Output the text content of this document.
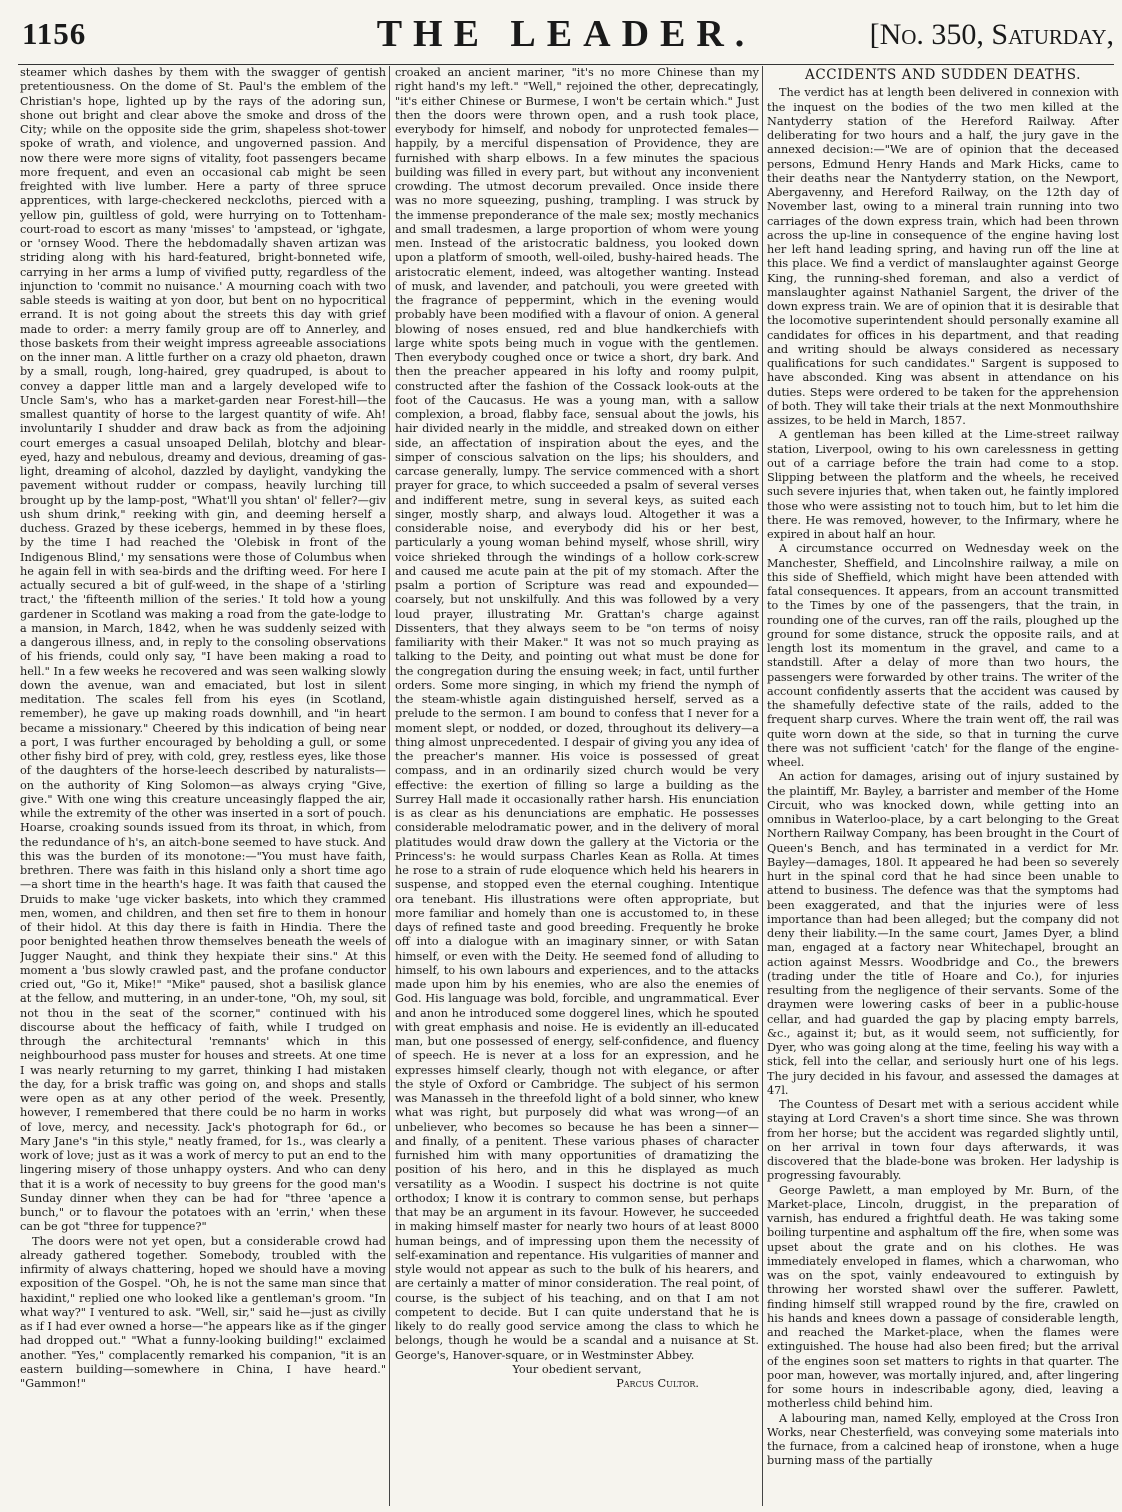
1156	THE LEADER.	[No. 350, Saturday,

steamer which dashes by them with the swagger of gentish pretentiousness. On the dome of St. Paul's the emblem of the Christian's hope, lighted up by the rays of the adoring sun, shone out bright and clear above the smoke and dross of the City; while on the opposite side the grim, shapeless shot-tower spoke of wrath, and violence, and ungoverned passion. And now there were more signs of vitality, foot passengers became more frequent, and even an occasional cab might be seen freighted with live lumber. Here a party of three spruce apprentices, with large-checkered neckcloths, pierced with a yellow pin, guiltless of gold, were hurrying on to Tottenham-court-road to escort as many 'misses' to 'ampstead, or 'ighgate, or 'ornsey Wood. There the hebdomadally shaven artizan was striding along with his hard-featured, bright-bonneted wife, carrying in her arms a lump of vivified putty, regardless of the injunction to 'commit no nuisance.' A mourning coach with two sable steeds is waiting at yon door, but bent on no hypocritical errand. It is not going about the streets this day with grief made to order: a merry family group are off to Annerley, and those baskets from their weight impress agreeable associations on the inner man. A little further on a crazy old phaeton, drawn by a small, rough, long-haired, grey quadruped, is about to convey a dapper little man and a largely developed wife to Uncle Sam's, who has a market-garden near Forest-hill—the smallest quantity of horse to the largest quantity of wife. Ah! involuntarily I shudder and draw back as from the adjoining court emerges a casual unsoaped Delilah, blotchy and blear-eyed, hazy and nebulous, dreamy and devious, dreaming of gas-light, dreaming of alcohol, dazzled by daylight, vandyking the pavement without rudder or compass, heavily lurching till brought up by the lamp-post, "What'll you shtan' ol' feller?—giv ush shum drink," reeking with gin, and deeming herself a duchess. Grazed by these icebergs, hemmed in by these floes, by the time I had reached the 'Olebisk in front of the Indigenous Blind,' my sensations were those of Columbus when he again fell in with sea-birds and the drifting weed. For here I actually secured a bit of gulf-weed, in the shape of a 'stirling tract,' the 'fifteenth million of the series.' It told how a young gardener in Scotland was making a road from the gate-lodge to a mansion, in March, 1842, when he was suddenly seized with a dangerous illness, and, in reply to the consoling observations of his friends, could only say, "I have been making a road to hell." In a few weeks he recovered and was seen walking slowly down the avenue, wan and emaciated, but lost in silent meditation. The scales fell from his eyes (in Scotland, remember), he gave up making roads downhill, and "in heart became a missionary." Cheered by this indication of being near a port, I was further encouraged by beholding a gull, or some other fishy bird of prey, with cold, grey, restless eyes, like those of the daughters of the horse-leech described by naturalists—on the authority of King Solomon—as always crying "Give, give." With one wing this creature unceasingly flapped the air, while the extremity of the other was inserted in a sort of pouch. Hoarse, croaking sounds issued from its throat, in which, from the redundance of h's, an aitch-bone seemed to have stuck. And this was the burden of its monotone:—"You must have faith, brethren. There was faith in this hisland only a short time ago—a short time in the hearth's hage. It was faith that caused the Druids to make 'uge vicker baskets, into which they crammed men, women, and children, and then set fire to them in honour of their hidol. At this day there is faith in Hindia. There the poor benighted heathen throw themselves beneath the weels of Jugger Naught, and think they hexpiate their sins." At this moment a 'bus slowly crawled past, and the profane conductor cried out, "Go it, Mike!" "Mike" paused, shot a basilisk glance at the fellow, and muttering, in an under-tone, "Oh, my soul, sit not thou in the seat of the scorner," continued with his discourse about the hefficacy of faith, while I trudged on through the architectural 'remnants' which in this neighbourhood pass muster for houses and streets. At one time I was nearly returning to my garret, thinking I had mistaken the day, for a brisk traffic was going on, and shops and stalls were open as at any other period of the week. Presently, however, I remembered that there could be no harm in works of love, mercy, and necessity. Jack's photograph for 6d., or Mary Jane's "in this style," neatly framed, for 1s., was clearly a work of love; just as it was a work of mercy to put an end to the lingering misery of those unhappy oysters. And who can deny that it is a work of necessity to buy greens for the good man's Sunday dinner when they can be had for "three 'apence a bunch," or to flavour the potatoes with an 'errin,' when these can be got "three for tuppence?"

The doors were not yet open, but a considerable crowd had already gathered together. Somebody, troubled with the infirmity of always chattering, hoped we should have a moving exposition of the Gospel. "Oh, he is not the same man since that haxidint," replied one who looked like a gentleman's groom. "In what way?" I ventured to ask. "Well, sir," said he—just as civilly as if I had ever owned a horse—"he appears like as if the ginger had dropped out." "What a funny-looking building!" exclaimed another. "Yes," complacently remarked his companion, "it is an eastern building—somewhere in China, I have heard." "Gammon!"

croaked an ancient mariner, "it's no more Chinese than my right hand's my left." "Well," rejoined the other, deprecatingly, "it's either Chinese or Burmese, I won't be certain which." Just then the doors were thrown open, and a rush took place, everybody for himself, and nobody for unprotected females—happily, by a merciful dispensation of Providence, they are furnished with sharp elbows. In a few minutes the spacious building was filled in every part, but without any inconvenient crowding. The utmost decorum prevailed. Once inside there was no more squeezing, pushing, trampling. I was struck by the immense preponderance of the male sex; mostly mechanics and small tradesmen, a large proportion of whom were young men. Instead of the aristocratic baldness, you looked down upon a platform of smooth, well-oiled, bushy-haired heads. The aristocratic element, indeed, was altogether wanting. Instead of musk, and lavender, and patchouli, you were greeted with the fragrance of peppermint, which in the evening would probably have been modified with a flavour of onion. A general blowing of noses ensued, red and blue handkerchiefs with large white spots being much in vogue with the gentlemen. Then everybody coughed once or twice a short, dry bark. And then the preacher appeared in his lofty and roomy pulpit, constructed after the fashion of the Cossack look-outs at the foot of the Caucasus. He was a young man, with a sallow complexion, a broad, flabby face, sensual about the jowls, his hair divided nearly in the middle, and streaked down on either side, an affectation of inspiration about the eyes, and the simper of conscious salvation on the lips; his shoulders, and carcase generally, lumpy. The service commenced with a short prayer for grace, to which succeeded a psalm of several verses and indifferent metre, sung in several keys, as suited each singer, mostly sharp, and always loud. Altogether it was a considerable noise, and everybody did his or her best, particularly a young woman behind myself, whose shrill, wiry voice shrieked through the windings of a hollow cork-screw and caused me acute pain at the pit of my stomach. After the psalm a portion of Scripture was read and expounded—coarsely, but not unskilfully. And this was followed by a very loud prayer, illustrating Mr. Grattan's charge against Dissenters, that they always seem to be "on terms of noisy familiarity with their Maker." It was not so much praying as talking to the Deity, and pointing out what must be done for the congregation during the ensuing week; in fact, until further orders. Some more singing, in which my friend the nymph of the steam-whistle again distinguished herself, served as a prelude to the sermon. I am bound to confess that I never for a moment slept, or nodded, or dozed, throughout its delivery—a thing almost unprecedented. I despair of giving you any idea of the preacher's manner. His voice is possessed of great compass, and in an ordinarily sized church would be very effective: the exertion of filling so large a building as the Surrey Hall made it occasionally rather harsh. His enunciation is as clear as his denunciations are emphatic. He possesses considerable melodramatic power, and in the delivery of moral platitudes would draw down the gallery at the Victoria or the Princess's: he would surpass Charles Kean as Rolla. At times he rose to a strain of rude eloquence which held his hearers in suspense, and stopped even the eternal coughing. Intentique ora tenebant. His illustrations were often appropriate, but more familiar and homely than one is accustomed to, in these days of refined taste and good breeding. Frequently he broke off into a dialogue with an imaginary sinner, or with Satan himself, or even with the Deity. He seemed fond of alluding to himself, to his own labours and experiences, and to the attacks made upon him by his enemies, who are also the enemies of God. His language was bold, forcible, and ungrammatical. Ever and anon he introduced some doggerel lines, which he spouted with great emphasis and noise. He is evidently an ill-educated man, but one possessed of energy, self-confidence, and fluency of speech. He is never at a loss for an expression, and he expresses himself clearly, though not with elegance, or after the style of Oxford or Cambridge. The subject of his sermon was Manasseh in the threefold light of a bold sinner, who knew what was right, but purposely did what was wrong—of an unbeliever, who becomes so because he has been a sinner—and finally, of a penitent. These various phases of character furnished him with many opportunities of dramatizing the position of his hero, and in this he displayed as much versatility as a Woodin. I suspect his doctrine is not quite orthodox; I know it is contrary to common sense, but perhaps that may be an argument in its favour. However, he succeeded in making himself master for nearly two hours of at least 8000 human beings, and of impressing upon them the necessity of self-examination and repentance. His vulgarities of manner and style would not appear as such to the bulk of his hearers, and are certainly a matter of minor consideration. The real point, of course, is the subject of his teaching, and on that I am not competent to decide. But I can quite understand that he is likely to do really good service among the class to which he belongs, though he would be a scandal and a nuisance at St. George's, Hanover-square, or in Westminster Abbey.

Your obedient servant,

Parcus Cultor.

ACCIDENTS AND SUDDEN DEATHS.

The verdict has at length been delivered in connexion with the inquest on the bodies of the two men killed at the Nantyderry station of the Hereford Railway. After deliberating for two hours and a half, the jury gave in the annexed decision:—"We are of opinion that the deceased persons, Edmund Henry Hands and Mark Hicks, came to their deaths near the Nantyderry station, on the Newport, Abergavenny, and Hereford Railway, on the 12th day of November last, owing to a mineral train running into two carriages of the down express train, which had been thrown across the up-line in consequence of the engine having lost her left hand leading spring, and having run off the line at this place. We find a verdict of manslaughter against George King, the running-shed foreman, and also a verdict of manslaughter against Nathaniel Sargent, the driver of the down express train. We are of opinion that it is desirable that the locomotive superintendent should personally examine all candidates for offices in his department, and that reading and writing should be always considered as necessary qualifications for such candidates." Sargent is supposed to have absconded. King was absent in attendance on his duties. Steps were ordered to be taken for the apprehension of both. They will take their trials at the next Monmouthshire assizes, to be held in March, 1857.

A gentleman has been killed at the Lime-street railway station, Liverpool, owing to his own carelessness in getting out of a carriage before the train had come to a stop. Slipping between the platform and the wheels, he received such severe injuries that, when taken out, he faintly implored those who were assisting not to touch him, but to let him die there. He was removed, however, to the Infirmary, where he expired in about half an hour.

A circumstance occurred on Wednesday week on the Manchester, Sheffield, and Lincolnshire railway, a mile on this side of Sheffield, which might have been attended with fatal consequences. It appears, from an account transmitted to the Times by one of the passengers, that the train, in rounding one of the curves, ran off the rails, ploughed up the ground for some distance, struck the opposite rails, and at length lost its momentum in the gravel, and came to a standstill. After a delay of more than two hours, the passengers were forwarded by other trains. The writer of the account confidently asserts that the accident was caused by the shamefully defective state of the rails, added to the frequent sharp curves. Where the train went off, the rail was quite worn down at the side, so that in turning the curve there was not sufficient 'catch' for the flange of the engine-wheel.

An action for damages, arising out of injury sustained by the plaintiff, Mr. Bayley, a barrister and member of the Home Circuit, who was knocked down, while getting into an omnibus in Waterloo-place, by a cart belonging to the Great Northern Railway Company, has been brought in the Court of Queen's Bench, and has terminated in a verdict for Mr. Bayley—damages, 180l. It appeared he had been so severely hurt in the spinal cord that he had since been unable to attend to business. The defence was that the symptoms had been exaggerated, and that the injuries were of less importance than had been alleged; but the company did not deny their liability.—In the same court, James Dyer, a blind man, engaged at a factory near Whitechapel, brought an action against Messrs. Woodbridge and Co., the brewers (trading under the title of Hoare and Co.), for injuries resulting from the negligence of their servants. Some of the draymen were lowering casks of beer in a public-house cellar, and had guarded the gap by placing empty barrels, &c., against it; but, as it would seem, not sufficiently, for Dyer, who was going along at the time, feeling his way with a stick, fell into the cellar, and seriously hurt one of his legs. The jury decided in his favour, and assessed the damages at 47l.

The Countess of Desart met with a serious accident while staying at Lord Craven's a short time since. She was thrown from her horse; but the accident was regarded slightly until, on her arrival in town four days afterwards, it was discovered that the blade-bone was broken. Her ladyship is progressing favourably.

George Pawlett, a man employed by Mr. Burn, of the Market-place, Lincoln, druggist, in the preparation of varnish, has endured a frightful death. He was taking some boiling turpentine and asphaltum off the fire, when some was upset about the grate and on his clothes. He was immediately enveloped in flames, which a charwoman, who was on the spot, vainly endeavoured to extinguish by throwing her worsted shawl over the sufferer. Pawlett, finding himself still wrapped round by the fire, crawled on his hands and knees down a passage of considerable length, and reached the Market-place, when the flames were extinguished. The house had also been fired; but the arrival of the engines soon set matters to rights in that quarter. The poor man, however, was mortally injured, and, after lingering for some hours in indescribable agony, died, leaving a motherless child behind him.

A labouring man, named Kelly, employed at the Cross Iron Works, near Chesterfield, was conveying some materials into the furnace, from a calcined heap of ironstone, when a huge burning mass of the partially
